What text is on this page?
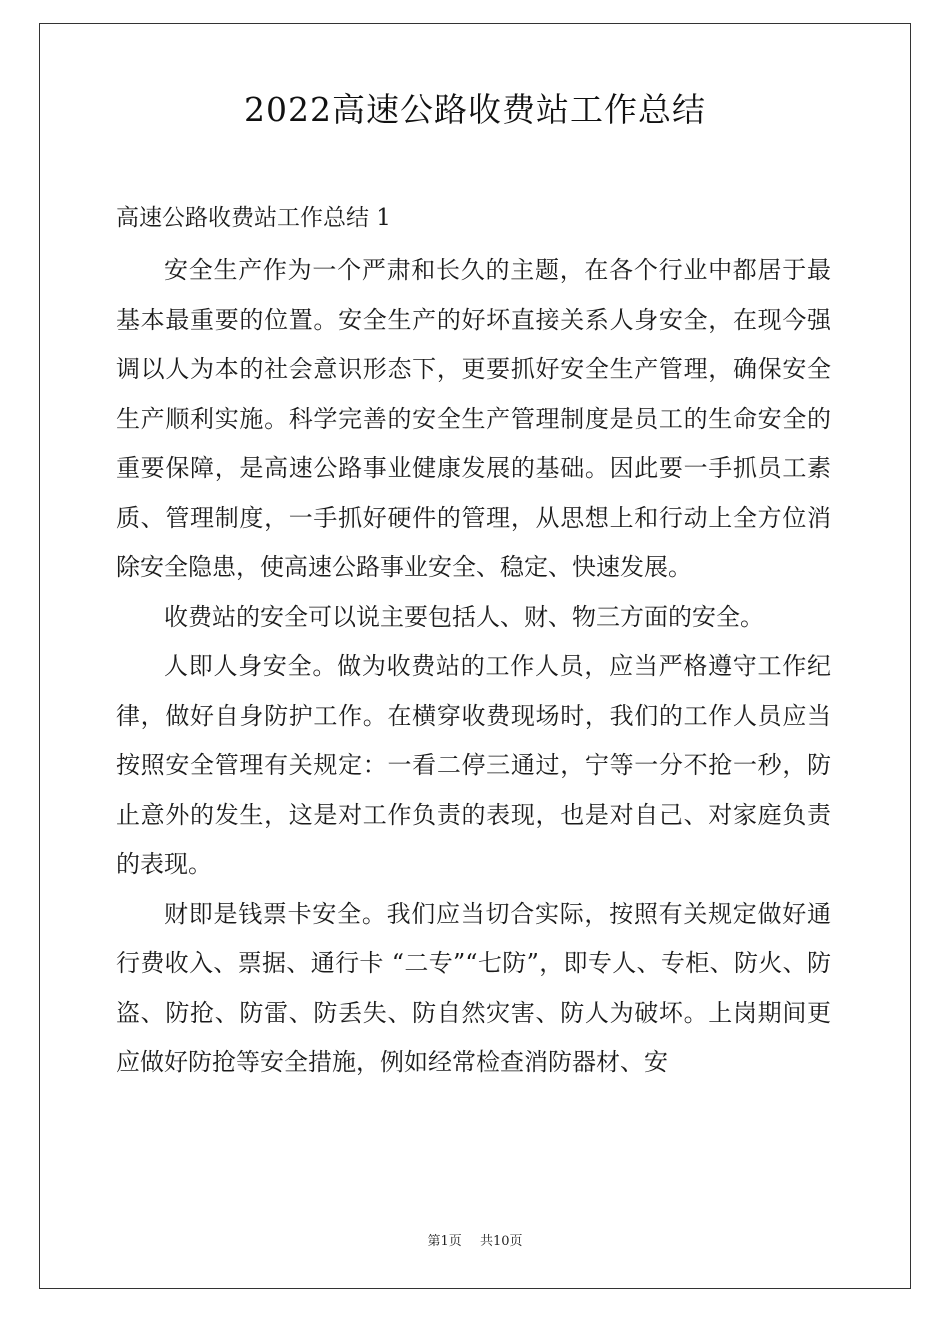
2022高速公路收费站工作总结
高速公路收费站工作总结 1

安全生产作为一个严肃和长久的主题，在各个行业中都居于最基本最重要的位置。安全生产的好坏直接关系人身安全，在现今强调以人为本的社会意识形态下，更要抓好安全生产管理，确保安全生产顺利实施。科学完善的安全生产管理制度是员工的生命安全的重要保障，是高速公路事业健康发展的基础。因此要一手抓员工素质、管理制度，一手抓好硬件的管理，从思想上和行动上全方位消除安全隐患，使高速公路事业安全、稳定、快速发展。

收费站的安全可以说主要包括人、财、物三方面的安全。

人即人身安全。做为收费站的工作人员，应当严格遵守工作纪律，做好自身防护工作。在横穿收费现场时，我们的工作人员应当按照安全管理有关规定：一看二停三通过，宁等一分不抢一秒，防止意外的发生，这是对工作负责的表现，也是对自己、对家庭负责的表现。

财即是钱票卡安全。我们应当切合实际，按照有关规定做好通行费收入、票据、通行卡 “二专”“七防”，即专人、专柜、防火、防盗、防抢、防雷、防丢失、防自然灾害、防人为破坏。上岗期间更应做好防抢等安全措施，例如经常检查消防器材、安

第1页 共10页
